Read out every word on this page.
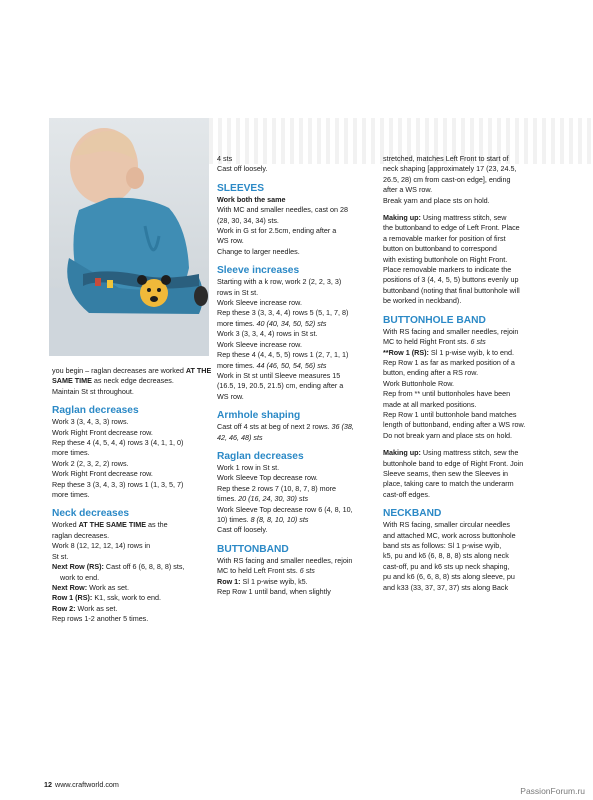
you begin – raglan decreases are worked AT THE SAME TIME as neck edge decreases.

Maintain St st throughout.

Raglan decreases

Work 3 (3, 4, 3, 3) rows.

Work Right Front decrease row.

Rep these 4 (4, 5, 4, 4) rows 3 (4, 1, 1, 0)

more times.

Work 2 (2, 3, 2, 2) rows.

Work Right Front decrease row.

Rep these 3 (3, 4, 3, 3) rows 1 (1, 3, 5, 7)

more times.

Neck decreases

Worked AT THE SAME TIME as the

raglan decreases.

Work 8 (12, 12, 12, 14) rows in

St st.

Next Row (RS): Cast off 6 (6, 8, 8, 8) sts,

work to end.

Next Row: Work as set.

Row 1 (RS): K1, ssk, work to end.

Row 2: Work as set.

Rep rows 1-2 another 5 times.

4 sts

Cast off loosely.

SLEEVES

Work both the same

With MC and smaller needles, cast on 28

(28, 30, 34, 34) sts.

Work in G st for 2.5cm, ending after a

WS row.

Change to larger needles.

Sleeve increases

Starting with a k row, work 2 (2, 2, 3, 3)

rows in St st.

Work Sleeve increase row.

Rep these 3 (3, 3, 4, 4) rows 5 (5, 1, 7, 8)

more times. 40 (40, 34, 50, 52) sts

Work 3 (3, 3, 4, 4) rows in St st.

Work Sleeve increase row.

Rep these 4 (4, 4, 5, 5) rows 1 (2, 7, 1, 1)

more times. 44 (46, 50, 54, 56) sts

Work in St st until Sleeve measures 15

(16.5, 19, 20.5, 21.5) cm, ending after a

WS row.

Armhole shaping

Cast off 4 sts at beg of next 2 rows. 36 (38,

42, 46, 48) sts

Raglan decreases

Work 1 row in St st.

Work Sleeve Top decrease row.

Rep these 2 rows 7 (10, 8, 7, 8) more

times. 20 (16, 24, 30, 30) sts

Work Sleeve Top decrease row 6 (4, 8, 10,

10) times. 8 (8, 8, 10, 10) sts

Cast off loosely.

BUTTONBAND

With RS facing and smaller needles, rejoin

MC to held Left Front sts. 6 sts

Row 1: Sl 1 p-wise wyib, k5.

Rep Row 1 until band, when slightly

stretched, matches Left Front to start of

neck shaping [approximately 17 (23, 24.5,

26.5, 28) cm from cast-on edge], ending

after a WS row.

Break yarn and place sts on hold.

Making up: Using mattress stitch, sew

the buttonband to edge of Left Front. Place

a removable marker for position of first

button on buttonband to correspond

with existing buttonhole on Right Front.

Place removable markers to indicate the

positions of 3 (4, 4, 5, 5) buttons evenly up

buttonband (noting that final buttonhole will

be worked in neckband).

BUTTONHOLE BAND

With RS facing and smaller needles, rejoin

MC to held Right Front sts. 6 sts

**Row 1 (RS): Sl 1 p-wise wyib, k to end.

Rep Row 1 as far as marked position of a

button, ending after a RS row.

Work Buttonhole Row.

Rep from ** until buttonholes have been

made at all marked positions.

Rep Row 1 until buttonhole band matches

length of buttonband, ending after a WS row.

Do not break yarn and place sts on hold.

Making up: Using mattress stitch, sew the

buttonhole band to edge of Right Front. Join

Sleeve seams, then sew the Sleeves in

place, taking care to match the underarm

cast-off edges.

NECKBAND

With RS facing, smaller circular needles

and attached MC, work across buttonhole

band sts as follows: Sl 1 p-wise wyib,

k5, pu and k6 (6, 8, 8, 8) sts along neck

cast-off, pu and k6 sts up neck shaping,

pu and k6 (6, 6, 8, 8) sts along sleeve, pu

and k33 (33, 37, 37, 37) sts along Back

12 www.craftworld.com
PassionForum.ru
